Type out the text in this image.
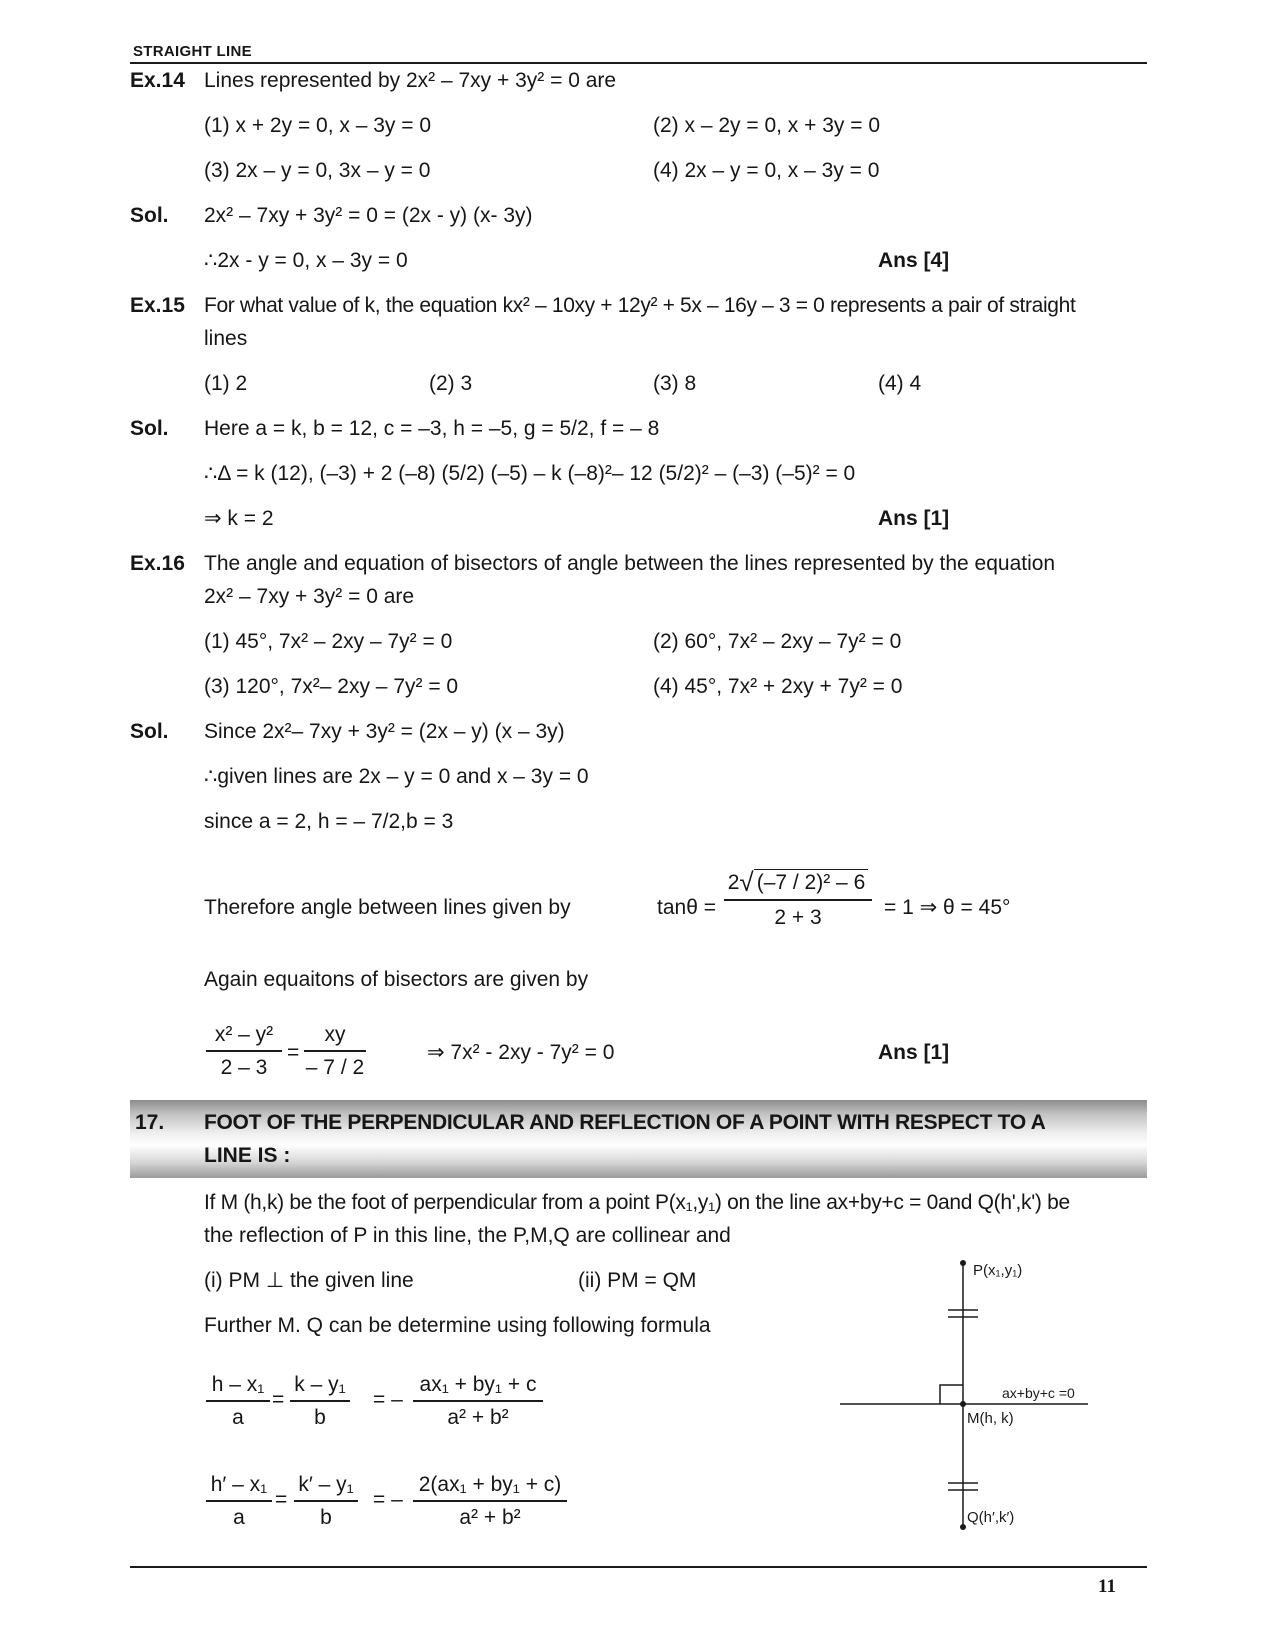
STRAIGHT LINE
Ex.14 Lines represented by 2x² – 7xy + 3y² = 0 are
(1) x + 2y = 0, x – 3y = 0	(2) x – 2y = 0, x + 3y = 0
(3) 2x – y = 0, 3x – y = 0	(4) 2x – y = 0, x – 3y = 0
Sol. 2x² – 7xy + 3y² = 0 = (2x - y) (x- 3y)
∴2x - y = 0, x – 3y = 0	Ans [4]
Ex.15 For what value of k, the equation kx² – 10xy + 12y² + 5x – 16y – 3 = 0 represents a pair of straight
lines
(1) 2	(2) 3	(3) 8	(4) 4
Sol. Here a = k, b = 12, c = –3, h = –5, g = 5/2, f = – 8
∴Δ = k (12), (–3) + 2 (–8) (5/2) (–5) – k (–8)²– 12 (5/2)² – (–3) (–5)² = 0
⇒ k = 2	Ans [1]
Ex.16 The angle and equation of bisectors of angle between the lines represented by the equation
2x² – 7xy + 3y² = 0 are
(1) 45°, 7x² – 2xy – 7y² = 0	(2) 60°, 7x² – 2xy – 7y² = 0
(3) 120°, 7x²– 2xy – 7y² = 0	(4) 45°, 7x² + 2xy + 7y² = 0
Sol. Since 2x²– 7xy + 3y² = (2x – y) (x – 3y)
∴given lines are 2x – y = 0 and x – 3y = 0
since a = 2, h = – 7/2,b = 3
Therefore angle between lines given by	tanθ =
2 √ (–7 / 2)² – 6
2 + 3	= 1 ⇒ θ = 45°
Again equaitons of bisectors are given by
x² – y²
2 – 3
=
xy
– 7 / 2
⇒ 7x² - 2xy - 7y² = 0	Ans [1]
17. FOOT OF THE PERPENDICULAR AND REFLECTION OF A POINT WITH RESPECT TO A
LINE IS :
If M (h,k) be the foot of perpendicular from a point P(x₁,y₁) on the line ax+by+c = 0and Q(h',k') be
the reflection of P in this line, the P,M,Q are collinear and
(i) PM ⊥ the given line	(ii) PM = QM
Further M. Q can be determine using following formula
h – x₁
a
=
k – y₁
b
= –
ax₁ + by₁ + c
a² + b²
h′ – x₁
a
=
k′ – y₁
b
= –
2(ax₁ + by₁ + c)
a² + b²
P(x₁,y₁)
ax+by+c =0
M(h, k)
Q(h′,k′)
11
